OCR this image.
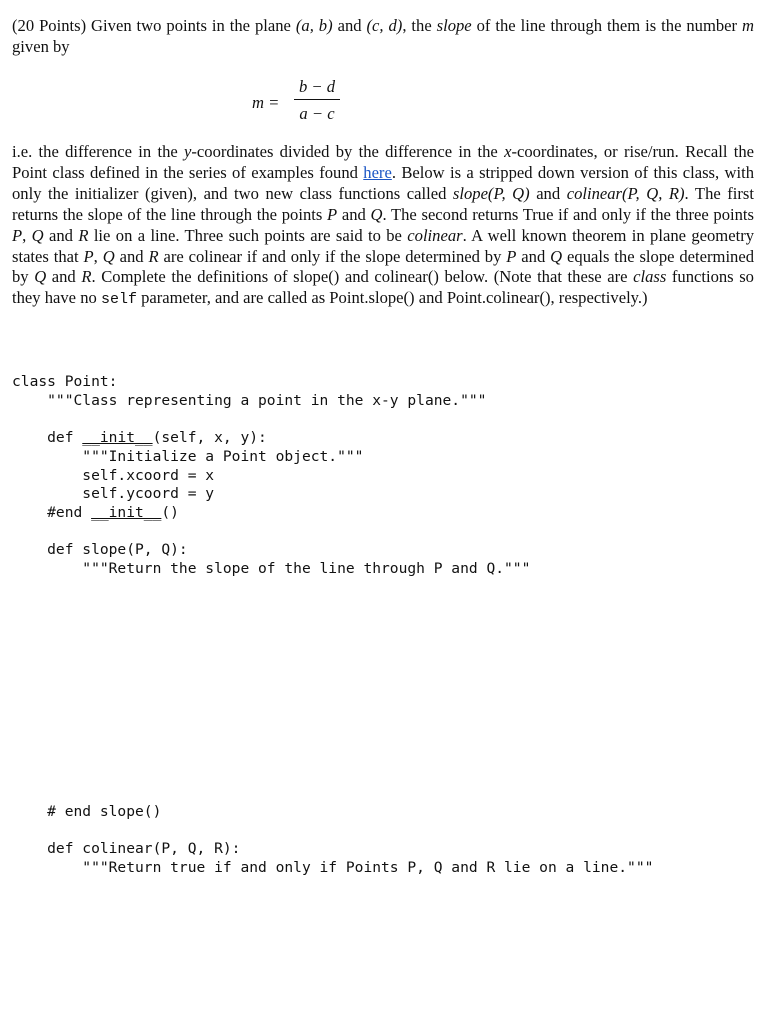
(20 Points) Given two points in the plane (a, b) and (c, d), the slope of the line through them is the number m given by
m =
b − d
a − c
i.e. the difference in the y-coordinates divided by the difference in the x-coordinates, or rise/run. Recall the Point class defined in the series of examples found here. Below is a stripped down version of this class, with only the initializer (given), and two new class functions called slope(P, Q) and colinear(P, Q, R). The first returns the slope of the line through the points P and Q. The second returns True if and only if the three points P, Q and R lie on a line. Three such points are said to be colinear. A well known theorem in plane geometry states that P, Q and R are colinear if and only if the slope determined by P and Q equals the slope determined by Q and R. Complete the definitions of slope() and colinear() below. (Note that these are class functions so they have no self parameter, and are called as Point.slope() and Point.colinear(), respectively.)
class Point:
"""Class representing a point in the x-y plane."""

def __init__(self, x, y):
"""Initialize a Point object."""
self.xcoord = x
self.ycoord = y
#end __init__()
def slope(P, Q):
"""Return the slope of the line through P and Q."""
# end slope()
def colinear(P, Q, R):
"""Return true if and only if Points P, Q and R lie on a line."""
